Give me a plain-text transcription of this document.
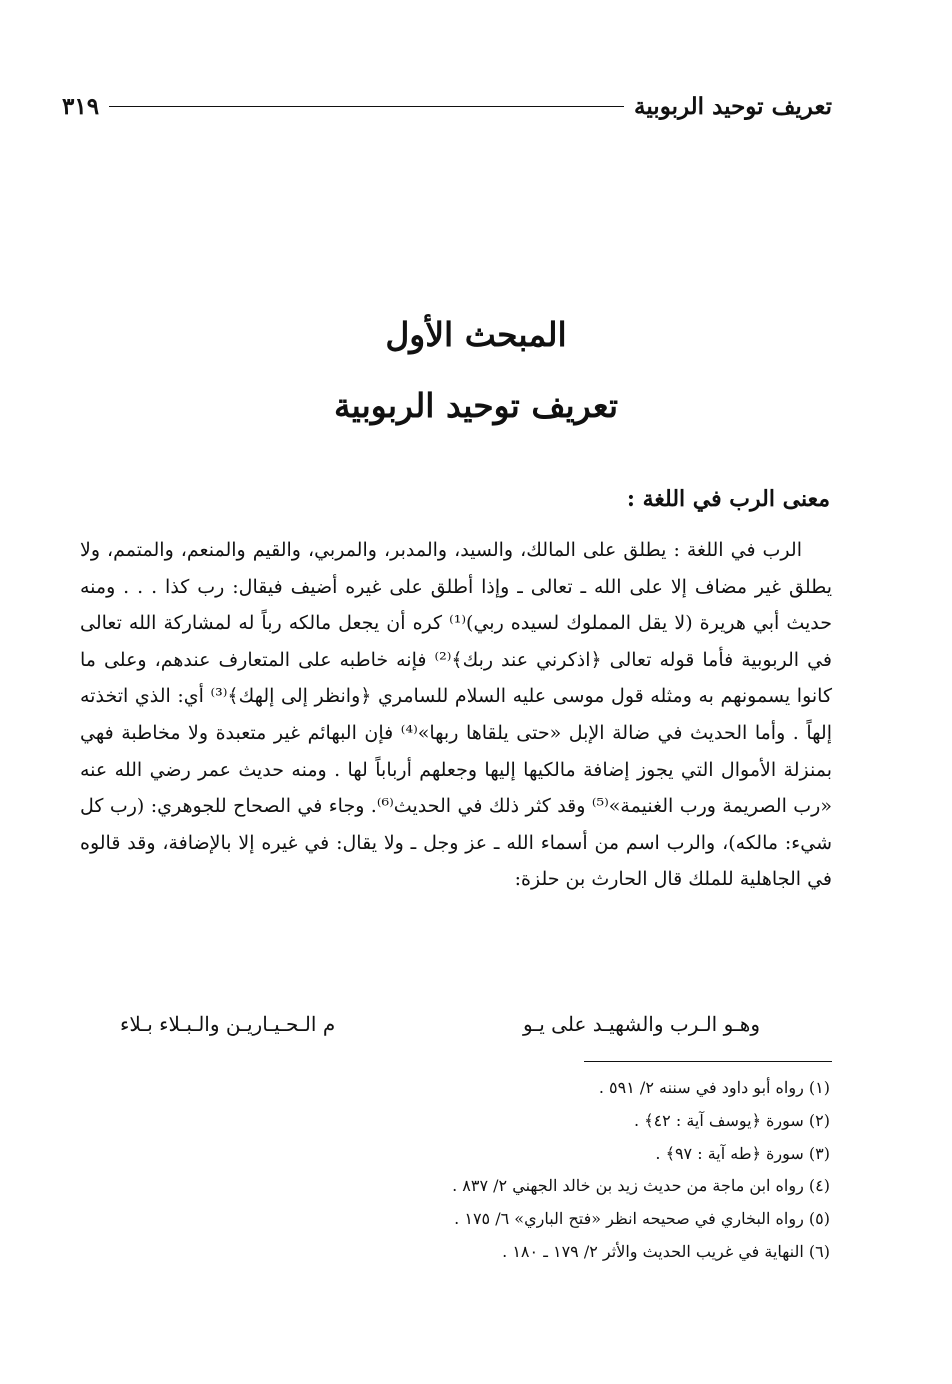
تعريف توحيد الربوبية
٣١٩
المبحث الأول
تعريف توحيد الربوبية
معنى الرب في اللغة :

الرب في اللغة : يطلق على المالك، والسيد، والمدبر، والمربي، والقيم والمنعم، والمتمم، ولا يطلق غير مضاف إلا على الله ـ تعالى ـ وإذا أطلق على غيره أضيف فيقال: رب كذا . . . ومنه حديث أبي هريرة (لا يقل المملوك لسيده ربي)⁽¹⁾ كره أن يجعل مالكه رباً له لمشاركة الله تعالى في الربوبية فأما قوله تعالى ﴿اذكرني عند ربك﴾⁽²⁾ فإنه خاطبه على المتعارف عندهم، وعلى ما كانوا يسمونهم به ومثله قول موسى عليه السلام للسامري ﴿وانظر إلى إلهك﴾⁽³⁾ أي: الذي اتخذته إلهاً . وأما الحديث في ضالة الإبل «حتى يلقاها ربها»⁽⁴⁾ فإن البهائم غير متعبدة ولا مخاطبة فهي بمنزلة الأموال التي يجوز إضافة مالكيها إليها وجعلهم أرباباً لها . ومنه حديث عمر رضي الله عنه «رب الصريمة ورب الغنيمة»⁽⁵⁾ وقد كثر ذلك في الحديث⁽⁶⁾. وجاء في الصحاح للجوهري: (رب كل شيء: مالكه)، والرب اسم من أسماء الله ـ عز وجل ـ ولا يقال: في غيره إلا بالإضافة، وقد قالوه في الجاهلية للملك قال الحارث بن حلزة:

وهـو الـرب والشهيـد على يـو
م الـحـيـاريـن والـبـلاء بـلاء
(١) رواه أبو داود في سننه ٢/ ٥٩١ .
(٢) سورة ﴿يوسف آية : ٤٢﴾ .
(٣) سورة ﴿طه آية : ٩٧﴾ .
(٤) رواه ابن ماجة من حديث زيد بن خالد الجهني ٢/ ٨٣٧ .
(٥) رواه البخاري في صحيحه انظر «فتح الباري» ٦/ ١٧٥ .
(٦) النهاية في غريب الحديث والأثر ٢/ ١٧٩ ـ ١٨٠ .
